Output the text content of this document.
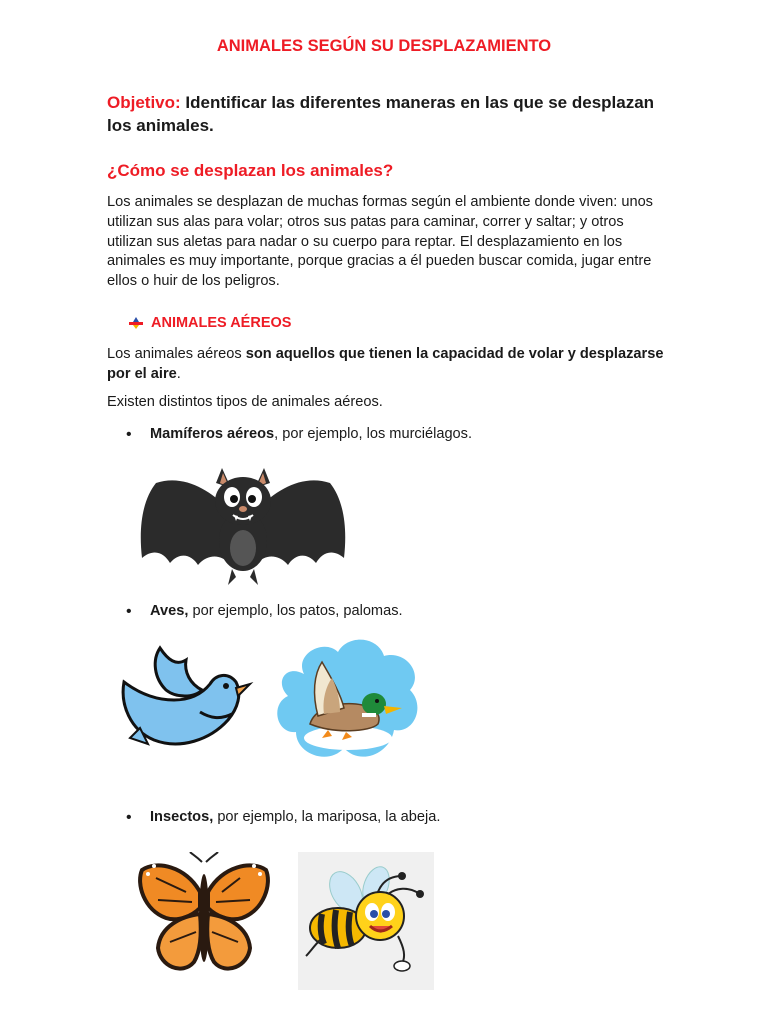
ANIMALES SEGÚN SU DESPLAZAMIENTO
Objetivo: Identificar las diferentes maneras en las que se desplazan los animales.
¿Cómo se desplazan los animales?
Los animales se desplazan de muchas formas según el ambiente donde viven: unos utilizan sus alas para volar; otros sus patas para caminar, correr y saltar; y otros utilizan sus aletas para nadar o su cuerpo para reptar. El desplazamiento en los animales es muy importante, porque gracias a él pueden buscar comida, jugar entre ellos o huir de los peligros.
ANIMALES AÉREOS
Los animales aéreos son aquellos que tienen la capacidad de volar y desplazarse por el aire.
Existen distintos tipos de animales aéreos.
•
Mamíferos aéreos, por ejemplo, los murciélagos.
•
Aves, por ejemplo, los patos, palomas.
•
Insectos, por ejemplo, la mariposa, la abeja.
